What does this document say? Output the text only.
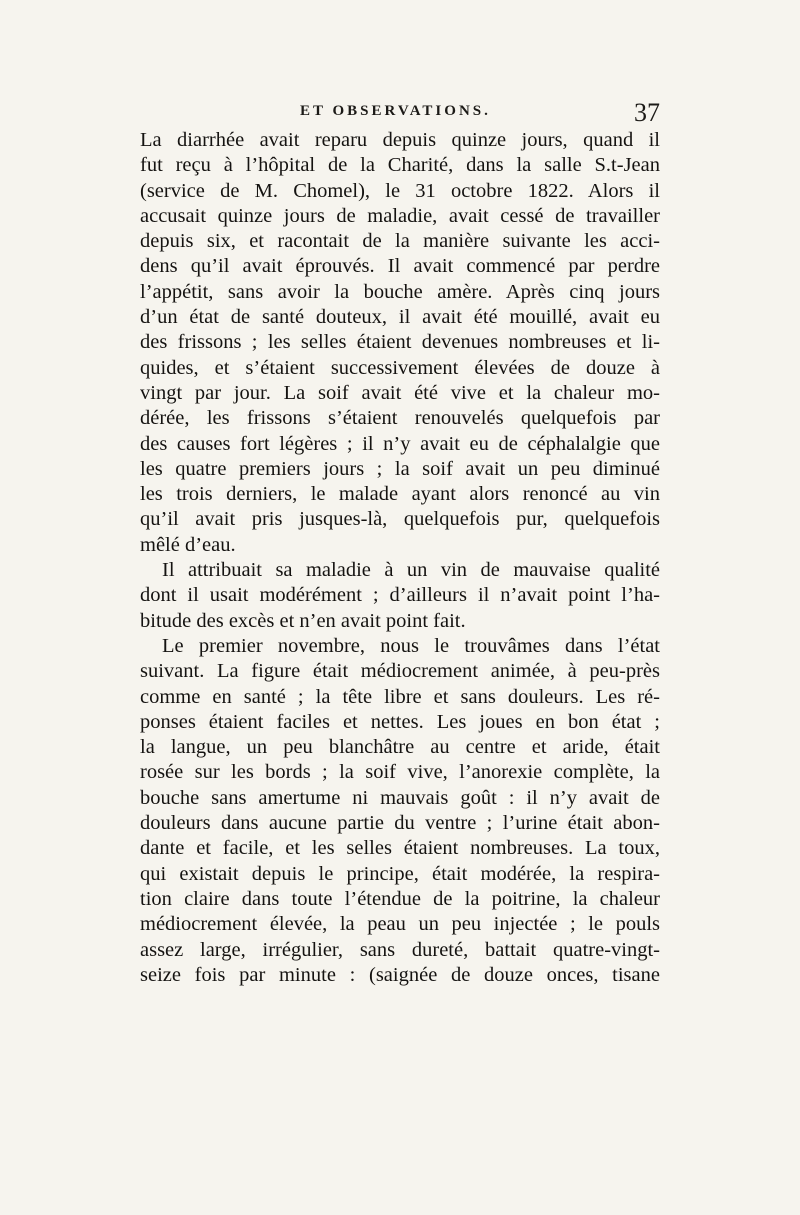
ET OBSERVATIONS.	37
La diarrhée avait reparu depuis quinze jours, quand il
fut reçu à l’hôpital de la Charité, dans la salle S.t-Jean
(service de M. Chomel), le 31 octobre 1822. Alors il
accusait quinze jours de maladie, avait cessé de travailler
depuis six, et racontait de la manière suivante les acci-
dens qu’il avait éprouvés. Il avait commencé par perdre
l’appétit, sans avoir la bouche amère. Après cinq jours
d’un état de santé douteux, il avait été mouillé, avait eu
des frissons ; les selles étaient devenues nombreuses et li-
quides, et s’étaient successivement élevées de douze à
vingt par jour. La soif avait été vive et la chaleur mo-
dérée, les frissons s’étaient renouvelés quelquefois par
des causes fort légères ; il n’y avait eu de céphalalgie que
les quatre premiers jours ; la soif avait un peu diminué
les trois derniers, le malade ayant alors renoncé au vin
qu’il avait pris jusques-là, quelquefois pur, quelquefois
mêlé d’eau.
Il attribuait sa maladie à un vin de mauvaise qualité
dont il usait modérément ; d’ailleurs il n’avait point l’ha-
bitude des excès et n’en avait point fait.
Le premier novembre, nous le trouvâmes dans l’état
suivant. La figure était médiocrement animée, à peu-près
comme en santé ; la tête libre et sans douleurs. Les ré-
ponses étaient faciles et nettes. Les joues en bon état ;
la langue, un peu blanchâtre au centre et aride, était
rosée sur les bords ; la soif vive, l’anorexie complète, la
bouche sans amertume ni mauvais goût : il n’y avait de
douleurs dans aucune partie du ventre ; l’urine était abon-
dante et facile, et les selles étaient nombreuses. La toux,
qui existait depuis le principe, était modérée, la respira-
tion claire dans toute l’étendue de la poitrine, la chaleur
médiocrement élevée, la peau un peu injectée ; le pouls
assez large, irrégulier, sans dureté, battait quatre-vingt-
seize fois par minute : (saignée de douze onces, tisane
